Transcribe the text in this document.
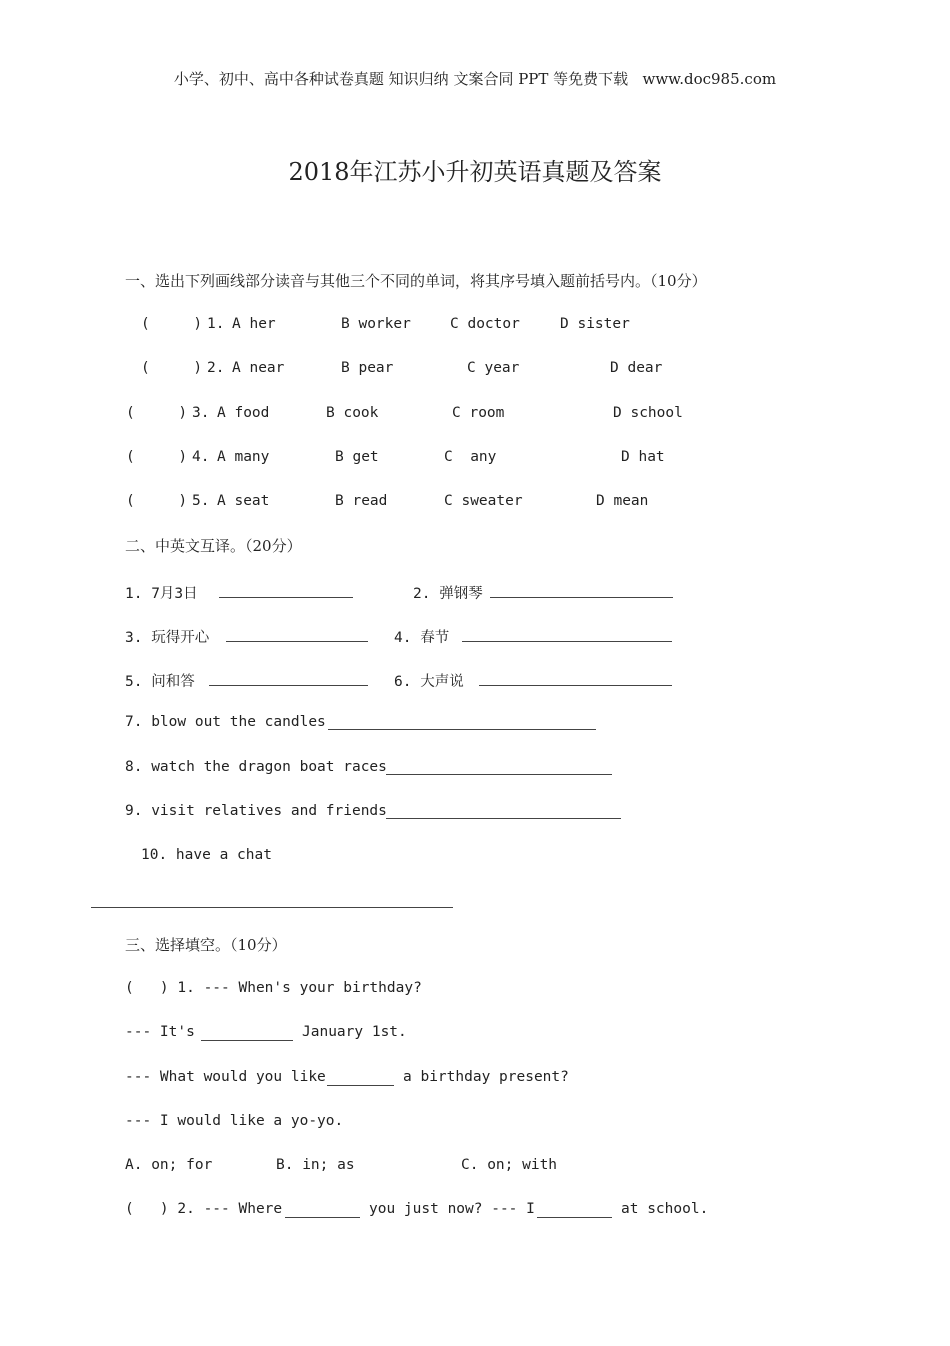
小学、初中、高中各种试卷真题 知识归纳 文案合同 PPT 等免费下载   www.doc985.com
2018年江苏小升初英语真题及答案
一、选出下列画线部分读音与其他三个不同的单词，将其序号填入题前括号内。（10分）
(     ) 1. A her	B worker	C doctor	D sister
(     ) 2. A near	B pear	C year	D dear
(     ) 3. A food	B cook	C room	D school
(     ) 4. A many	B get	C  any	D hat
(     ) 5. A seat	B read	C sweater	D mean
二、中英文互译。（20分）
1. 7月3日	2. 弹钢琴
3. 玩得开心	4. 春节
5. 问和答	6. 大声说
7. blow out the candles
8. watch the dragon boat races
9. visit relatives and friends
10. have a chat
三、选择填空。（10分）
(   ) 1. --- When's your birthday?
--- It's	January 1st.
--- What would you like	a birthday present?
--- I would like a yo-yo.
A. on; for	B. in; as	C. on; with
(   ) 2. --- Where	you just now? --- I	at school.
